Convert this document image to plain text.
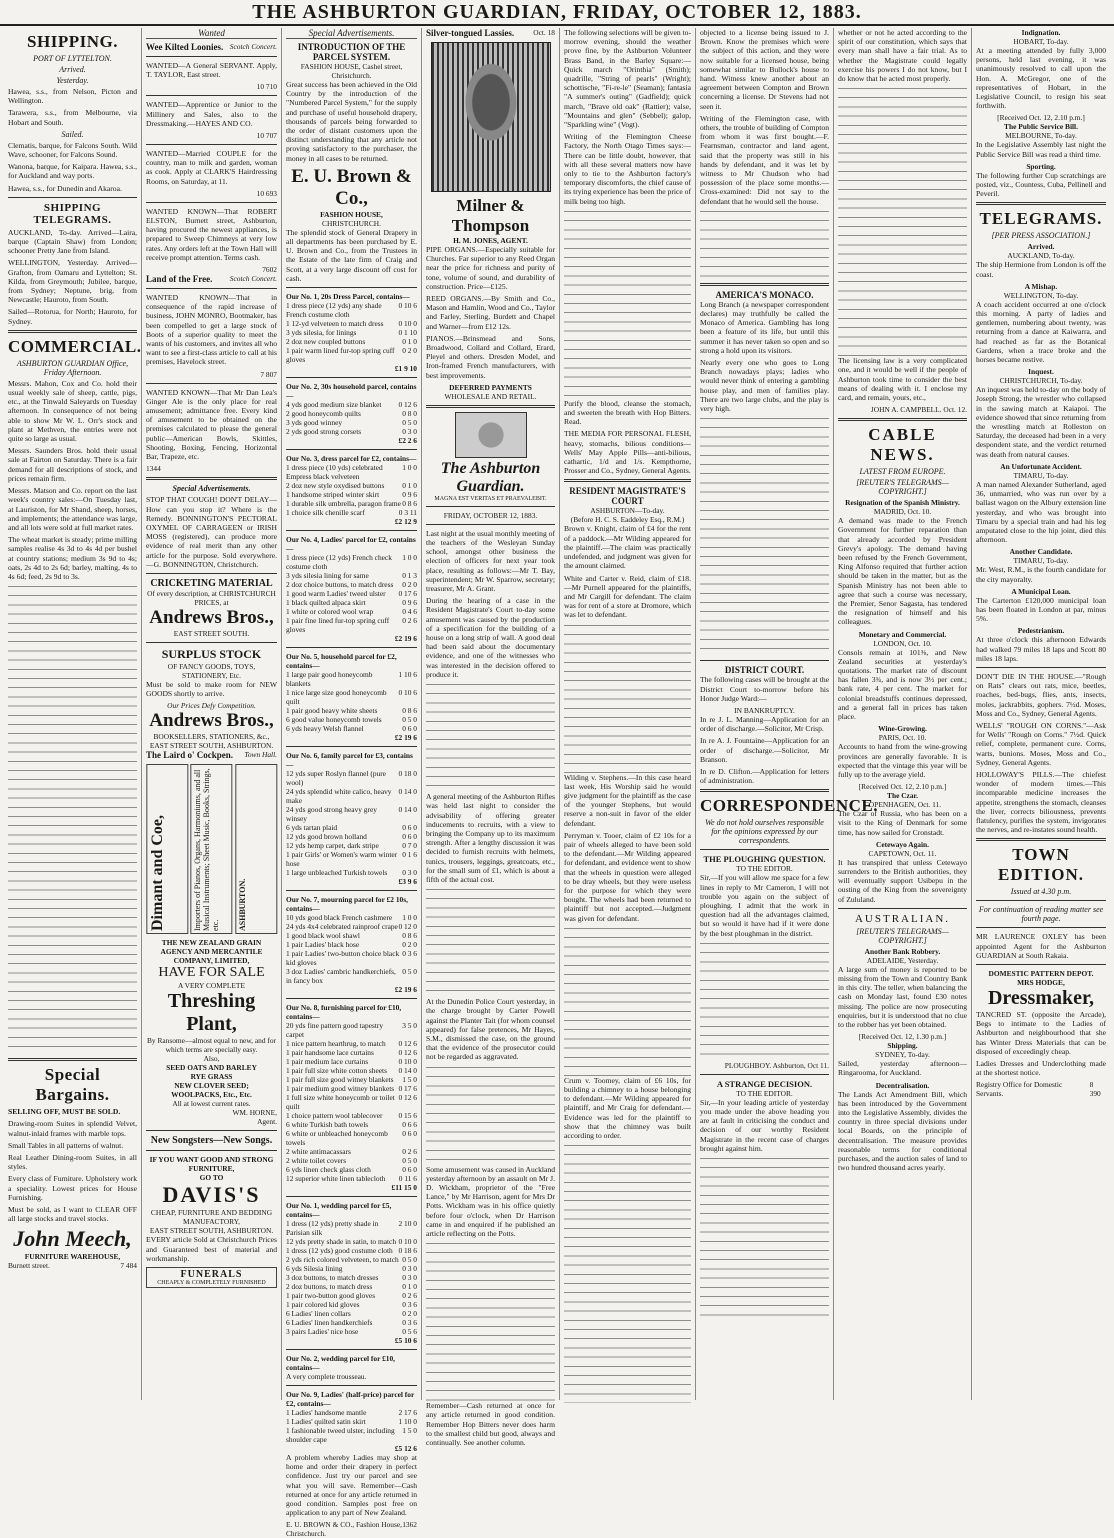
THE ASHBURTON GUARDIAN, FRIDAY, OCTOBER 12, 1883.
SHIPPING.
PORT OF LYTTELTON.
Arrived.
Yesterday.

Hawea, s.s., from Nelson, Picton and Wellington.

Tarawera, s.s., from Melbourne, via Hobart and South.

Sailed.

Clematis, barque, for Falcons South. Wild Wave, schooner, for Falcons Sound.

Wanona, barque, for Kaipara. Hawea, s.s., for Auckland and way ports.

Hawea, s.s., for Dunedin and Akaroa.

SHIPPING TELEGRAMS.

AUCKLAND, To-day. Arrived—Laira, barque (Captain Shaw) from London; schooner Pretty Jane from Island.

WELLINGTON, Yesterday. Arrived—Grafton, from Oamaru and Lyttelton; St. Kilda, from Greymouth; Jubilee, barque, from Sydney; Neptune, brig, from Newcastle; Hauroto, from South.

Sailed—Rotorua, for North; Hauroto, for Sydney.

COMMERCIAL.
ASHBURTON GUARDIAN Office, Friday Afternoon.

Messrs. Mahon, Cox and Co. hold their usual weekly sale of sheep, cattle, pigs, etc., at the Tinwald Saleyards on Tuesday afternoon. In consequence of not being able to show Mr W. L. Orr's stock and plant at Methven, the entries were not quite so large as usual.

Messrs. Saunders Bros. hold their usual sale at Fairton on Saturday. There is a fair demand for all descriptions of stock, and prices remain firm.

Messrs. Matson and Co. report on the last week's country sales:—On Tuesday last, at Lauriston, for Mr Shand, sheep, horses, and implements; the attendance was large, and all lots were sold at full market rates.

The wheat market is steady; prime milling samples realise 4s 3d to 4s 4d per bushel at country stations; medium 3s 9d to 4s; oats, 2s 4d to 2s 6d; barley, malting, 4s to 4s 6d; feed, 2s 9d to 3s.

Special Bargains.

SELLING OFF, MUST BE SOLD.

Drawing-room Suites in splendid Velvet, walnut-inlaid frames with marble tops.

Small Tables in all patterns of walnut.

Real Leather Dining-room Suites, in all styles.

Every class of Furniture. Upholstery work a speciality. Lowest prices for House Furnishing.

Must be sold, as I want to CLEAR OFF all large stocks and travel stocks.

John Meech,
FURNITURE WAREHOUSE,
Burnett street.	7 484
Wanted
Wee Kilted Loonies. Scotch Concert.

WANTED—A General SERVANT. Apply, T. TAYLOR, East street.

10 710

WANTED—Apprentice or Junior to the Millinery and Sales, also to the Dressmaking.—HAYES AND CO.

10 707

WANTED—Married COUPLE for the country, man to milk and garden, woman as cook. Apply at CLARK'S Hairdressing Rooms, on Saturday, at 11.

10 693

WANTED KNOWN—That ROBERT ELSTON, Burnett street, Ashburton, having procured the newest appliances, is prepared to Sweep Chimneys at very low rates. Any orders left at the Town Hall will receive prompt attention. Terms cash.

7602
Land of the Free. Scotch Concert.

WANTED KNOWN—That in consequence of the rapid increase of business, JOHN MONRO, Bootmaker, has been compelled to get a large stock of Boots of a superior quality to meet the wants of his customers, and invites all who want to see a first-class article to call at his premises, Havelock street.

7 807

WANTED KNOWN—That Mr Dan Lea's Ginger Ale is the only place for real amusement; admittance free. Every kind of amusement to be obtained on the premises calculated to please the general public—American Bowls, Skittles, Shooting, Boxing, Fencing, Horizontal Bar, Trapeze, etc.

1344
Special Advertisements.

STOP THAT COUGH! DON'T DELAY—How can you stop it? Where is the Remedy. BONNINGTON'S PECTORAL OXYMEL OF CARRAGEEN or IRISH MOSS (registered), can produce more evidence of real merit than any other article for the purpose. Sold everywhere.—G. BONNINGTON, Christchurch.

CRICKETING MATERIAL
Of every description, at CHRISTCHURCH PRICES, at
Andrews Bros.,
EAST STREET SOUTH.
SURPLUS STOCK
OF FANCY GOODS, TOYS, STATIONERY, Etc.

Must be sold to make room for NEW GOODS shortly to arrive.

Our Prices Defy Competition.
Andrews Bros.,
BOOKSELLERS, STATIONERS, &c.,
EAST STREET SOUTH, ASHBURTON.
The Laird o' Cockpen. Town Hall.
Dimant and Coe,	Importers of Pianos, Organs, Harmoniums, and all Musical Instruments; Sheet Music, Books, Strings, etc.	ASHBURTON.
THE NEW ZEALAND GRAIN AGENCY AND MERCANTILE COMPANY, LIMITED,
HAVE FOR SALE
A VERY COMPLETE
Threshing Plant,
By Ransome—almost equal to new, and for which terms are specially easy.
Also,
SEED OATS AND BARLEY
RYE GRASS
NEW CLOVER SEED;
WOOLPACKS, Etc., Etc.
All at lowest current rates.
WM. HORNE,
Agent.
New Songsters—New Songs.
IF YOU WANT GOOD AND STRONG FURNITURE,
GO TO
DAVIS'S
CHEAP, FURNITURE AND BEDDING MANUFACTORY,
EAST STREET SOUTH, ASHBURTON.

EVERY article Sold at Christchurch Prices and Guaranteed best of material and workmanship.

FUNERALS
CHEAPLY & COMPLETELY FURNISHED
Special Advertisements.
INTRODUCTION OF THE PARCEL SYSTEM.
FASHION HOUSE, Cashel street, Christchurch.

Great success has been achieved in the Old Country by the introduction of the "Numbered Parcel System," for the supply and purchase of useful household drapery, thousands of parcels being forwarded to the order of distant customers upon the distinct understanding that any article not proving satisfactory to the purchaser, the money in all cases to be returned.

E. U. Brown & Co.,
FASHION HOUSE,
CHRISTCHURCH.

The splendid stock of General Drapery in all departments has been purchased by E. U. Brown and Co., from the Trustees in the Estate of the late firm of Craig and Scott, at a very large discount off cost for cash.

Our No. 1, 20s Dress Parcel, contains—
1 dress piece (12 yds) any shade 0 10 6
French costume cloth
1 12-yd velveteen to match dress 0 10 0
3 yds silesia, for linings	0 1 10
2 doz new coupled buttons	0 1 0
1 pair warm lined fur-top spring cuff gloves
0 2 0
£1 9 10
Our No. 2, 30s household parcel, contains—
4 yds good medium size blanket 0 12 6
2 good honeycomb quilts	0 8 0
3 yds good winney	0 5 0
2 yds good strong corsets	0 3 0
£2 2 6
Our No. 3, dress parcel for £2, contains—
1 dress piece (10 yds) celebrated Empress black velveteen
1 0 0
2 doz new style oxydised buttons 0 1 0
1 handsome striped winter skirt	0 9 6
1 durable silk umbrella, paragon frame 0 8 6
1 choice silk chenille scarf	0 3 11
£2 12 9
Our No. 4, Ladies' parcel for £2, contains—
1 dress piece (12 yds) French check costume cloth
1 0 0
3 yds silesia lining for same	0 1 3
2 doz choice buttons, to match dress 0 2 0
1 good warm Ladies' tweed ulster 0 17 6
1 black quilted alpaca skirt	0 9 6
1 white or colored wool wrap	0 4 6
1 pair fine lined fur-top spring cuff gloves
0 2 6
£2 19 6
Our No. 5, household parcel for £2, contains—
1 large pair good honeycomb blankets
1 10 6
1 nice large size good honeycomb quilt
0 10 6
1 pair good heavy white sheets	0 8 6
6 good value honeycomb towels	0 5 0
6 yds heavy Welsh flannel	0 6 0
£2 19 6
Our No. 6, family parcel for £3, contains—
12 yds super Roslyn flannel (pure wool)
0 18 0
24 yds splendid white calico, heavy make
0 14 0
24 yds good strong heavy grey winsey
0 14 0
6 yds tartan plaid	0 6 0
12 yds good brown holland	0 6 0
12 yds hemp carpet, dark stripe	0 7 0
1 pair Girls' or Women's warm winter hose
0 1 6
1 large unbleached Turkish towels 0 3 0
£3 9 6
Our No. 7, mourning parcel for £2 10s, contains—
10 yds good black French cashmere 1 0 0
24 yds 4x4 celebrated rainproof crape 0 12 0
1 good black wool shawl	0 8 6
1 pair Ladies' black hose	0 2 0
1 pair Ladies' two-button choice black kid gloves
0 3 6
3 doz Ladies' cambric handkerchiefs, in fancy box
0 5 0
£2 19 6
Our No. 8, furnishing parcel for £10, contains—
20 yds fine pattern good tapestry carpet
3 5 0
1 nice pattern hearthrug, to match 0 12 6
1 pair handsome lace curtains	0 12 6
1 pair medium lace curtains	0 10 0
1 pair full size white cotton sheets 0 14 0
1 pair full size good witney blankets 1 5 0
1 pair medium good witney blankets 0 17 6
1 full size white honeycomb or toilet quilt
0 12 6
1 choice pattern wool tablecover 0 15 6
6 white Turkish bath towels	0 6 6
6 white or unbleached honeycomb towels
0 6 0
2 white antimacassars	0 2 6
2 white toilet covers	0 5 0
6 yds linen check glass cloth	0 6 0
12 superior white linen tablecloth 0 11 6
£11 15 0
Our No. 1, wedding parcel for £5, contains—
1 dress (12 yds) pretty shade in Parisian silk
2 10 0
12 yds pretty shade in satin, to match 0 10 0
1 dress (12 yds) good costume cloth 0 18 6
2 yds rich colored velveteen, to match 0 5 0
6 yds Silesia lining	0 3 0
3 doz buttons, to match dresses	0 3 0
2 doz buttons, to match dress	0 1 0
1 pair two-button good gloves	0 2 6
1 pair colored kid gloves	0 3 6
6 Ladies' linen collars	0 2 0
6 Ladies' linen handkerchiefs	0 3 6
3 pairs Ladies' nice hose	0 5 6
£5 10 6
Our No. 2, wedding parcel for £10, contains—
A very complete trousseau.
Our No. 9, Ladies' (half-price) parcel for £2, contains—
1 Ladies' handsome mantle	2 17 6
1 Ladies' quilted satin skirt	1 10 0
1 fashionable tweed ulster, including shoulder cape
1 5 0
£5 12 6

A problem whereby Ladies may shop at home and order their drapery in perfect confidence. Just try our parcel and see what you will save. Remember—Cash returned at once for any article returned in good condition. Samples post free on application to any part of New Zealand.

E. U. BROWN & CO., Fashion House, Christchurch.
1362
Silver-tongued Lassies.	Oct. 18
Milner & Thompson
H. M. JONES, AGENT.

PIPE ORGANS.—Especially suitable for Churches. Far superior to any Reed Organ near the price for richness and purity of tone, volume of sound, and durability of construction. Price—£125.

REED ORGANS.—By Smith and Co., Mason and Hamlin, Wood and Co., Taylor and Farley, Sterling, Burdett and Chapel and Warner—from £12 12s.

PIANOS.—Brinsmead and Sons, Broadwood, Collard and Collard, Erard, Pleyel and others. Dresden Model, and Iron-framed French manufacturers, with best improvements.

DEFERRED PAYMENTS
WHOLESALE AND RETAIL.
The Ashburton Guardian.
MAGNA EST VERITAS ET PRAEVALEBIT.
FRIDAY, OCTOBER 12, 1883.

Last night at the usual monthly meeting of the teachers of the Wesleyan Sunday school, amongst other business the election of officers for next year took place, resulting as follows:—Mr T. Bay, superintendent; Mr W. Sparrow, secretary; treasurer, Mr A. Grant.

During the hearing of a case in the Resident Magistrate's Court to-day some amusement was caused by the production of a specification for the building of a house on a long strip of wall. A good deal had been said about the documentary evidence, and one of the witnesses who was interested in the decision offered to produce it.

A general meeting of the Ashburton Rifles was held last night to consider the advisability of offering greater inducements to recruits, with a view to bringing the Company up to its maximum strength. After a lengthy discussion it was decided to furnish recruits with helmets, tunics, trousers, leggings, greatcoats, etc., for the small sum of £1, which is about a fifth of the actual cost.

At the Dunedin Police Court yesterday, in the charge brought by Carter Powell against the Planter Tait (for whom counsel appeared) for false pretences, Mr Hayes, S.M., dismissed the case, on the ground that the evidence of the prosecutor could not be regarded as aggravated.

Some amusement was caused in Auckland yesterday afternoon by an assault on Mr J. D. Wickham, proprietor of the "Free Lance," by Mr Harrison, agent for Mrs Dr Potts. Wickham was in his office quietly before four o'clock, when Dr Harrison came in and enquired if he published an article reflecting on the Potts.

Remember—Cash returned at once for any article returned in good condition. Remember Hop Bitters never does harm to the smallest child but good, always and continually. See another column.

The following selections will be given to-morrow evening, should the weather prove fine, by the Ashburton Volunteer Brass Band, in the Barley Square:—Quick march "Orinthia" (Smith); quadrille, "String of pearls" (Wright); schottische, "Fi-re-le" (Seaman); fantasia "A summer's outing" (Gadfield); quick march, "Brave old oak" (Rattier); valse, "Mountains and glen" (Sebbel); galop, "Sparkling wine" (Vogt).

Writing of the Flemington Cheese Factory, the North Otago Times says:—There can be little doubt, however, that with all these several matters now have only to tie to the Ashburton factory's temporary discomforts, the chief cause of its trying experience has been the price of milk being too high.

Purify the blood, cleanse the stomach, and sweeten the breath with Hop Bitters. Read.

THE MEDIA FOR PERSONAL FLESH, heavy, stomachs, bilious conditions—Wells' May Apple Pills—anti-bilious, cathartic, 1/d and 1/s. Kempthorne, Prosser and Co., Sydney, General Agents.

RESIDENT MAGISTRATE'S COURT
ASHBURTON—To-day.
(Before H. C. S. Eaddeley Esq., R.M.)

Brown v. Knight, claim of £4 for the rent of a paddock.—Mr Wilding appeared for the plaintiff.—The claim was practically undefended, and judgment was given for the amount claimed.

White and Carter v. Reid, claim of £18.—Mr Purnell appeared for the plaintiffs, and Mr Cargill for defendant. The claim was for rent of a store at Dromore, which was let to defendant.

Wilding v. Stephens.—In this case heard last week, His Worship said he would give judgment for the plaintiff as the case of the younger Stephens, but would reserve a non-suit in favor of the elder defendant.

Perryman v. Tooer, claim of £2 10s for a pair of wheels alleged to have been sold to the defendant.—Mr Wilding appeared for defendant, and evidence went to show that the wheels in question were alleged to be dray wheels, but they were useless for the purpose for which they were bought. The wheels had been returned to plaintiff but not accepted.—Judgment was given for defendant.

Crum v. Toomey, claim of £6 10s, for building a chimney to a house belonging to defendant.—Mr Wilding appeared for plaintiff, and Mr Craig for defendant.—Evidence was led for the plaintiff to show that the chimney was built according to order.

objected to a license being issued to J. Brown. Know the premises which were the subject of this action, and they were now suitable for a licensed house, being somewhat similar to Bullock's house to hand. Witness knew another about an agreement between Compton and Brown concerning a license. Dr Stevens had not seen it.

Writing of the Flemington case, with others, the trouble of building of Compton from whom it was first bought.—F. Fearnsman, contractor and land agent, said that the property was still in his hands by defendant, and it was let by witness to Mr Chudson who had possession of the place some months.—Cross-examined: Did not say to the defendant that he would sell the house.

AMERICA'S MONACO.

Long Branch (a newspaper correspondent declares) may truthfully be called the Monaco of America. Gambling has long been a feature of its life, but until this summer it has never taken so open and so strong a hold upon its visitors.

Nearly every one who goes to Long Branch nowadays plays; ladies who would never think of entering a gambling house play, and men of families play. There are two large clubs, and the play is very high.

DISTRICT COURT.

The following cases will be brought at the District Court to-morrow before his Honor Judge Ward:—

IN BANKRUPTCY.

In re J. L. Manning—Application for an order of discharge.—Solicitor, Mr Crisp.

In re A. J. Fountaine—Application for an order of discharge.—Solicitor, Mr Branson.

In re D. Clifton.—Application for letters of administration.

CORRESPONDENCE.
We do not hold ourselves responsible for the opinions expressed by our correspondents.
THE PLOUGHING QUESTION.
TO THE EDITOR.

Sir,—If you will allow me space for a few lines in reply to Mr Cameron, I will not trouble you again on the subject of ploughing. I admit that the work in question had all the advantages claimed, but so would it have had if it were done by the best ploughman in the district.

PLOUGHBOY. Ashburton, Oct 11.
A STRANGE DECISION.
TO THE EDITOR.

Sir,—In your leading article of yesterday you made under the above heading you are at fault in criticising the conduct and decision of our worthy Resident Magistrate in the recent case of charges brought against him.

whether or not he acted according to the spirit of our constitution, which says that every man shall have a fair trial. As to whether the Magistrate could legally exercise his powers I do not know, but I do know that he acted most properly.

The licensing law is a very complicated one, and it would be well if the people of Ashburton took time to consider the best means of dealing with it. I enclose my card, and remain, yours, etc.,

JOHN A. CAMPBELL. Oct. 12.
CABLE NEWS.
LATEST FROM EUROPE.
[REUTER'S TELEGRAMS—COPYRIGHT.]
Resignation of the Spanish Ministry.
MADRID, Oct. 10.

A demand was made to the French Government for further reparation than that already accorded by President Grevy's apology. The demand having been refused by the French Government, King Alfonso required that further action should be taken in the matter, but as the Spanish Ministry has not been able to agree that such a course was necessary, the Premier, Senor Sagasta, has tendered the resignation of himself and his colleagues.

Monetary and Commercial.
LONDON, Oct. 10.

Consols remain at 101⅜, and New Zealand securities at yesterday's quotations. The market rate of discount has fallen 3¾, and is now 3½ per cent.; bank rate, 4 per cent. The market for colonial breadstuffs continues depressed, and a general fall in prices has taken place.

Wine-Growing.
PARIS, Oct. 10.

Accounts to hand from the wine-growing provinces are generally favorable. It is expected that the vintage this year will be fully up to the average yield.

[Received Oct. 12, 2.10 p.m.]
The Czar.
COPENHAGEN, Oct. 11.

The Czar of Russia, who has been on a visit to the King of Denmark for some time, has now sailed for Cronstadt.

Cetewayo Again.
CAPETOWN, Oct. 11.

It has transpired that unless Cetewayo surrenders to the British authorities, they will eventually support Usibepu in the ousting of the King from the sovereignty of Zululand.

AUSTRALIAN.
[REUTER'S TELEGRAMS—COPYRIGHT.]
Another Bank Robbery.
ADELAIDE, Yesterday.

A large sum of money is reported to be missing from the Town and Country Bank in this city. The teller, when balancing the cash on Monday last, found £30 notes missing. The police are now prosecuting enquiries, but it is understood that no clue to the robber has yet been obtained.

[Received Oct. 12, 1.30 p.m.]
Shipping.
SYDNEY, To-day.

Sailed, yesterday afternoon—Ringarooma, for Auckland.

Decentralisation.

The Lands Act Amendment Bill, which has been introduced by the Government into the Legislative Assembly, divides the country in three special divisions under local Boards, on the principle of decentralisation. The measure provides reasonable terms for conditional purchases, and the auction sales of land to two hundred thousand acres yearly.

Indignation.
HOBART, To-day.

At a meeting attended by fully 3,000 persons, held last evening, it was unanimously resolved to call upon the Hon. A. McGregor, one of the representatives of Hobart, in the Legislative Council, to resign his seat forthwith.

[Received Oct. 12, 2.10 p.m.]
The Public Service Bill.
MELBOURNE, To-day.

In the Legislative Assembly last night the Public Service Bill was read a third time.

Sporting.

The following further Cup scratchings are posted, viz., Countess, Cuba, Pellinell and Peveril.

TELEGRAMS.
[PER PRESS ASSOCIATION.]
Arrived.
AUCKLAND, To-day.

The ship Hermione from London is off the coast.

A Mishap.
WELLINGTON, To-day.

A coach accident occurred at one o'clock this morning. A party of ladies and gentlemen, numbering about twenty, was returning from a dance at Kaiwarra, and had reached as far as the Botanical Gardens, when a trace broke and the horses became restive.

Inquest.
CHRISTCHURCH, To-day.

An inquest was held to-day on the body of Joseph Strong, the wrestler who collapsed in the sawing match at Kaiapoi. The evidence showed that since returning from the wrestling match at Rolleston on Saturday, the deceased had been in a very despondent state, and the verdict returned was death from natural causes.

An Unfortunate Accident.
TIMARU, To-day.

A man named Alexander Sutherland, aged 36, unmarried, who was run over by a ballast wagon on the Albury extension line yesterday, and who was brought into Timaru by a special train and had his leg amputated close to the hip joint, died this afternoon.

Another Candidate.
TIMARU, To-day.

Mr. West, R.M., is the fourth candidate for the city mayoralty.

A Municipal Loan.

The Carterton £120,000 municipal loan has been floated in London at par, minus 5%.

Pedestrianism.

At three o'clock this afternoon Edwards had walked 79 miles 18 laps and Scott 80 miles 18 laps.

DON'T DIE IN THE HOUSE.—"Rough on Rats" clears out rats, mice, beetles, roaches, bed-bugs, flies, ants, insects, moles, jackrabbits, gophers. 7½d. Moses, Moss and Co., Sydney, General Agents.

WELLS' "ROUGH ON CORNS."—Ask for Wells' "Rough on Corns." 7½d. Quick relief, complete, permanent cure. Corns, warts, bunions. Moses, Moss and Co., Sydney, General Agents.

HOLLOWAY'S PILLS.—The chiefest wonder of modern times.—This incomparable medicine increases the appetite, strengthens the stomach, cleanses the liver, corrects biliousness, prevents flatulency, purifies the system, invigorates the nerves, and re-instates sound health.

TOWN EDITION.
Issued at 4.30 p.m.
For continuation of reading matter see fourth page.

MR LAURENCE OXLEY has been appointed Agent for the Ashburton GUARDIAN at South Rakaia.

DOMESTIC PATTERN DEPOT.
MRS HODGE,
Dressmaker,

TANCRED ST. (opposite the Arcade), Begs to intimate to the Ladies of Ashburton and neighbourhood that she has Winter Dress Materials that can be disposed of exceedingly cheap.

Ladies Dresses and Underclothing made at the shortest notice.

Registry Office for Domestic Servants.
8 390
